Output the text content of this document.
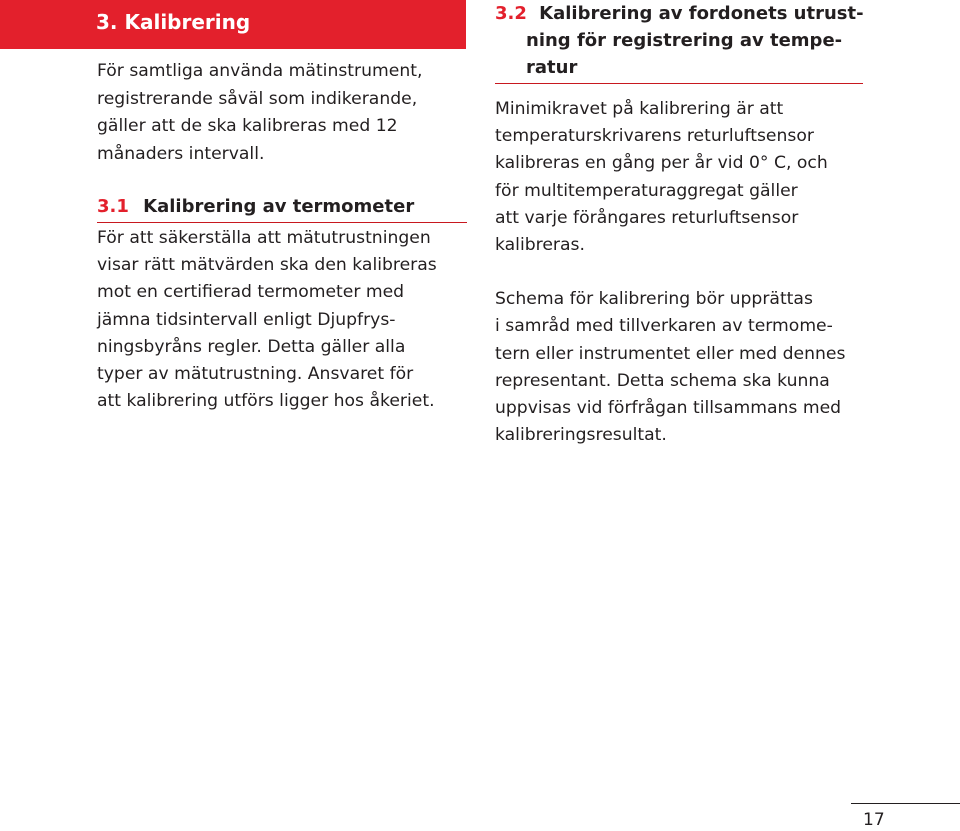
3. Kalibrering

För samtliga använda mätinstrument,
registrerande såväl som indikerande,
gäller att de ska kalibreras med 12
månaders intervall.

3.1 Kalibrering av termometer

För att säkerställa att mätutrustningen
visar rätt mätvärden ska den kalibreras
mot en certifierad termometer med
jämna tidsintervall enligt Djupfrys-
ningsbyråns regler. Detta gäller alla
typer av mätutrustning. Ansvaret för
att kalibrering utförs ligger hos åkeriet.

3.2 Kalibrering av fordonets utrust-
ning för registrering av tempe-
ratur

Minimikravet på kalibrering är att
temperaturskrivarens returluftsensor
kalibreras en gång per år vid 0° C, och
för multitemperaturaggregat gäller
att varje förångares returluftsensor
kalibreras.

Schema för kalibrering bör upprättas
i samråd med tillverkaren av termome-
tern eller instrumentet eller med dennes
representant. Detta schema ska kunna
uppvisas vid förfrågan tillsammans med
kalibreringsresultat.

17
